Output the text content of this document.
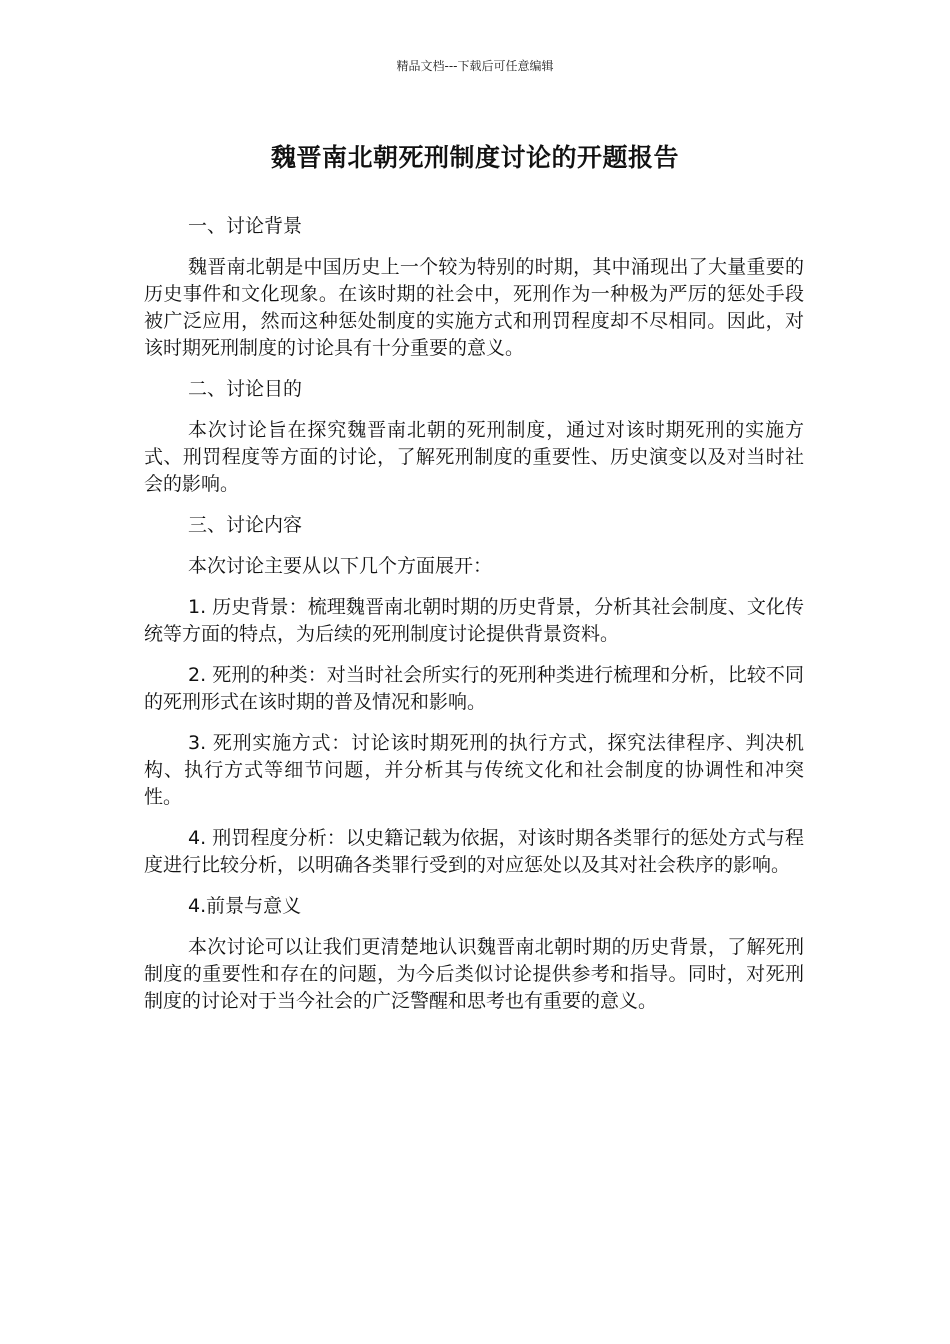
精品文档---下载后可任意编辑
魏晋南北朝死刑制度讨论的开题报告

一、讨论背景

魏晋南北朝是中国历史上一个较为特别的时期，其中涌现出了大量重要的历史事件和文化现象。在该时期的社会中，死刑作为一种极为严厉的惩处手段被广泛应用，然而这种惩处制度的实施方式和刑罚程度却不尽相同。因此，对该时期死刑制度的讨论具有十分重要的意义。

二、讨论目的

本次讨论旨在探究魏晋南北朝的死刑制度，通过对该时期死刑的实施方式、刑罚程度等方面的讨论，了解死刑制度的重要性、历史演变以及对当时社会的影响。

三、讨论内容

本次讨论主要从以下几个方面展开：

1. 历史背景：梳理魏晋南北朝时期的历史背景，分析其社会制度、文化传统等方面的特点，为后续的死刑制度讨论提供背景资料。

2. 死刑的种类：对当时社会所实行的死刑种类进行梳理和分析，比较不同的死刑形式在该时期的普及情况和影响。

3. 死刑实施方式：讨论该时期死刑的执行方式，探究法律程序、判决机构、执行方式等细节问题，并分析其与传统文化和社会制度的协调性和冲突性。

4. 刑罚程度分析：以史籍记载为依据，对该时期各类罪行的惩处方式与程度进行比较分析，以明确各类罪行受到的对应惩处以及其对社会秩序的影响。

4.前景与意义

本次讨论可以让我们更清楚地认识魏晋南北朝时期的历史背景，了解死刑制度的重要性和存在的问题，为今后类似讨论提供参考和指导。同时，对死刑制度的讨论对于当今社会的广泛警醒和思考也有重要的意义。
